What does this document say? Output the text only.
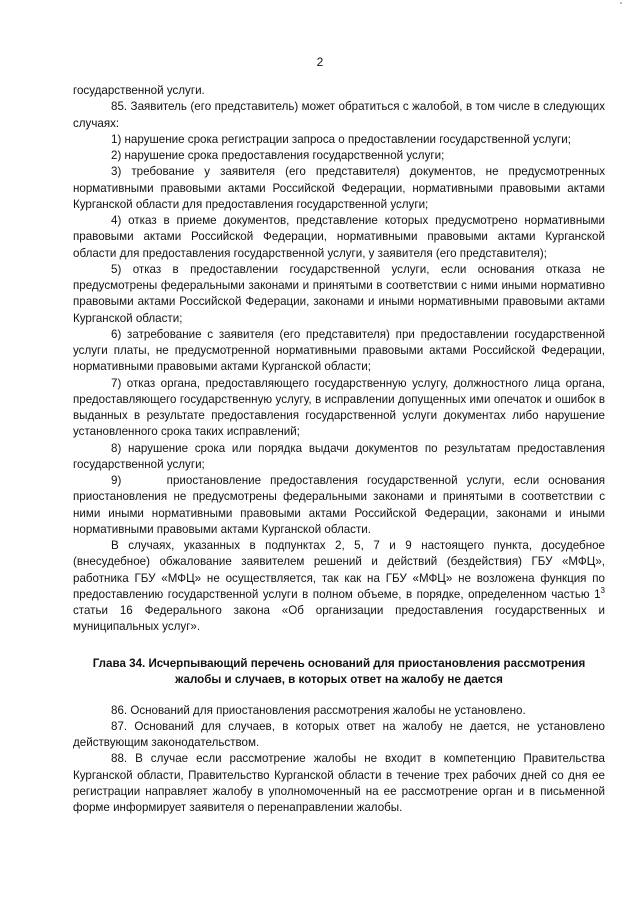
2

государственной услуги.

85. Заявитель (его представитель) может обратиться с жалобой, в том числе в следующих случаях:

1) нарушение срока регистрации запроса о предоставлении государственной услуги;

2) нарушение срока предоставления государственной услуги;

3) требование у заявителя (его представителя) документов, не предусмотренных нормативными правовыми актами Российской Федерации, нормативными правовыми актами Курганской области для предоставления государственной услуги;

4) отказ в приеме документов, представление которых предусмотрено нормативными правовыми актами Российской Федерации, нормативными правовыми актами Курганской области для предоставления государственной услуги, у заявителя (его представителя);

5) отказ в предоставлении государственной услуги, если основания отказа не предусмотрены федеральными законами и принятыми в соответствии с ними иными нормативно правовыми актами Российской Федерации, законами и иными нормативными правовыми актами Курганской области;

6) затребование с заявителя (его представителя) при предоставлении государственной услуги платы, не предусмотренной нормативными правовыми актами Российской Федерации, нормативными правовыми актами Курганской области;

7) отказ органа, предоставляющего государственную услугу, должностного лица органа, предоставляющего государственную услугу, в исправлении допущенных ими опечаток и ошибок в выданных в результате предоставления государственной услуги документах либо нарушение установленного срока таких исправлений;

8) нарушение срока или порядка выдачи документов по результатам предоставления государственной услуги;

9)     приостановление предоставления государственной услуги, если основания приостановления не предусмотрены федеральными законами и принятыми в соответствии с ними иными нормативными правовыми актами Российской Федерации, законами и иными нормативными правовыми актами Курганской области.

В случаях, указанных в подпунктах 2, 5, 7 и 9 настоящего пункта, досудебное (внесудебное) обжалование заявителем решений и действий (бездействия) ГБУ «МФЦ», работника ГБУ «МФЦ» не осуществляется, так как на ГБУ «МФЦ» не возложена функция по предоставлению государственной услуги в полном объеме, в порядке, определенном частью $1^3$ статьи 16 Федерального закона «Об организации предоставления государственных и муниципальных услуг».

Глава 34. Исчерпывающий перечень оснований для приостановления рассмотрения жалобы и случаев, в которых ответ на жалобу не дается

86. Оснований для приостановления рассмотрения жалобы не установлено.

87. Оснований для случаев, в которых ответ на жалобу не дается, не установлено действующим законодательством.

88. В случае если рассмотрение жалобы не входит в компетенцию Правительства Курганской области, Правительство Курганской области в течение трех рабочих дней со дня ее регистрации направляет жалобу в уполномоченный на ее рассмотрение орган и в письменной форме информирует заявителя о перенаправлении жалобы.
